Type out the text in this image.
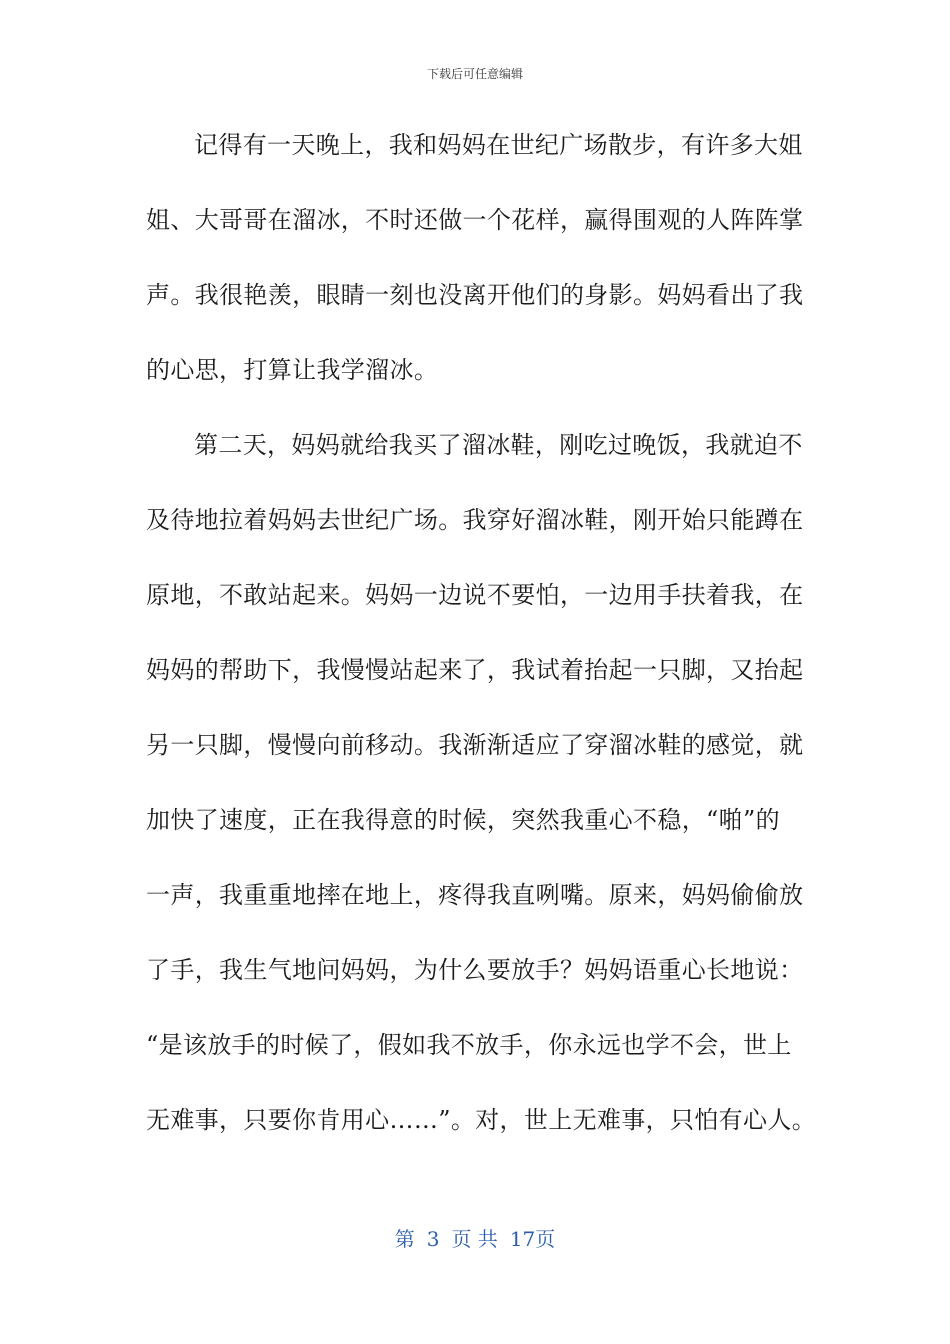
下载后可任意编辑
记得有一天晚上，我和妈妈在世纪广场散步，有许多大姐
姐、大哥哥在溜冰，不时还做一个花样，赢得围观的人阵阵掌
声。我很艳羡，眼睛一刻也没离开他们的身影。妈妈看出了我
的心思，打算让我学溜冰。
第二天，妈妈就给我买了溜冰鞋，刚吃过晚饭，我就迫不
及待地拉着妈妈去世纪广场。我穿好溜冰鞋，刚开始只能蹲在
原地，不敢站起来。妈妈一边说不要怕，一边用手扶着我，在
妈妈的帮助下，我慢慢站起来了，我试着抬起一只脚，又抬起
另一只脚，慢慢向前移动。我渐渐适应了穿溜冰鞋的感觉，就
加快了速度，正在我得意的时候，突然我重心不稳，“啪”的
一声，我重重地摔在地上，疼得我直咧嘴。原来，妈妈偷偷放
了手，我生气地问妈妈，为什么要放手？妈妈语重心长地说：
“是该放手的时候了，假如我不放手，你永远也学不会，世上
无难事，只要你肯用心……”。对，世上无难事，只怕有心人。
第 3 页 共 17页
